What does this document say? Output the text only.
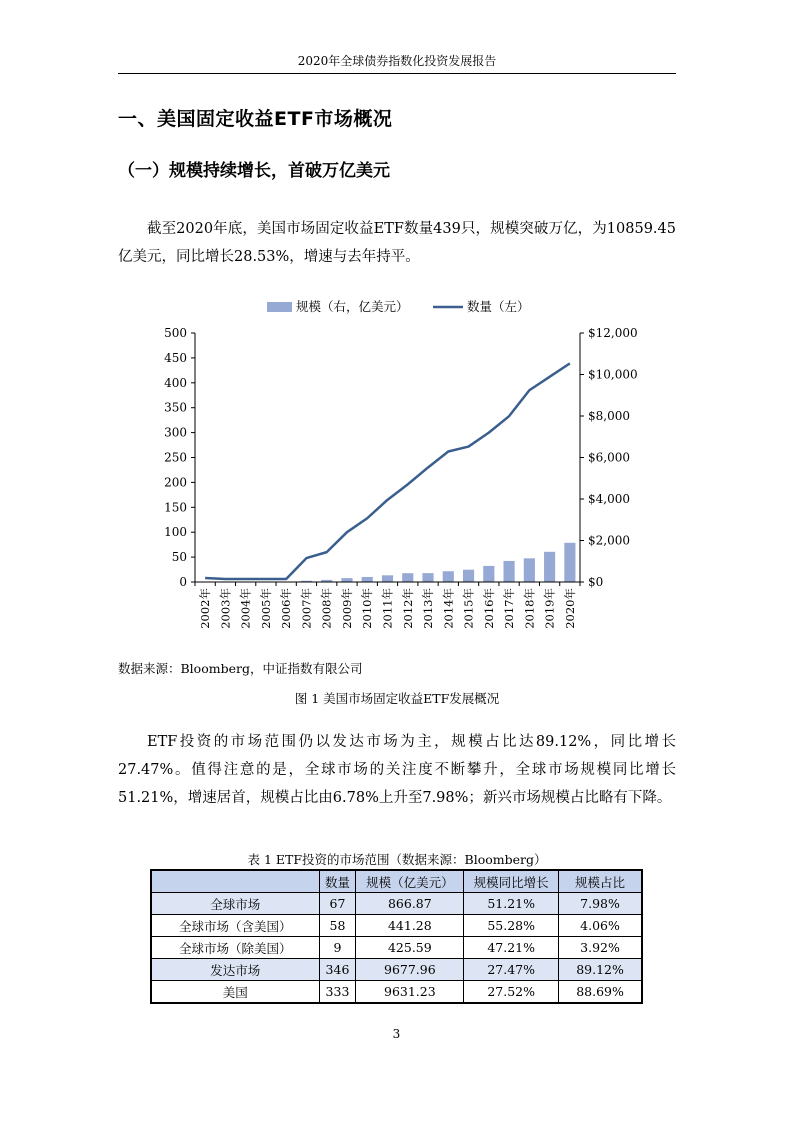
2020年全球债券指数化投资发展报告
一、美国固定收益ETF市场概况
（一）规模持续增长，首破万亿美元
截至2020年底，美国市场固定收益ETF数量439只，规模突破万亿，为10859.45亿美元，同比增长28.53%，增速与去年持平。
0
50
100
150
200
250
300
350
400
450
500
$0
$2,000
$4,000
$6,000
$8,000
$10,000
$12,000
2002年 2003年 2004年 2005年 2006年 2007年 2008年 2009年 2010年 2011年 2012年 2013年 2014年 2015年 2016年 2017年 2018年 2019年 2020年
规模（右，亿美元）	数量（左）
数据来源：Bloomberg，中证指数有限公司
图 1 美国市场固定收益ETF发展概况
ETF投资的市场范围仍以发达市场为主，规模占比达89.12%，同比增长27.47%。值得注意的是，全球市场的关注度不断攀升，全球市场规模同比增长51.21%，增速居首，规模占比由6.78%上升至7.98%；新兴市场规模占比略有下降。
表 1 ETF投资的市场范围（数据来源：Bloomberg）
	数量	规模（亿美元）	规模同比增长	规模占比
全球市场	67	866.87	51.21%	7.98%
全球市场（含美国）	58	441.28	55.28%	4.06%
全球市场（除美国）	9	425.59	47.21%	3.92%
发达市场	346	9677.96	27.47%	89.12%
美国	333	9631.23	27.52%	88.69%
3
